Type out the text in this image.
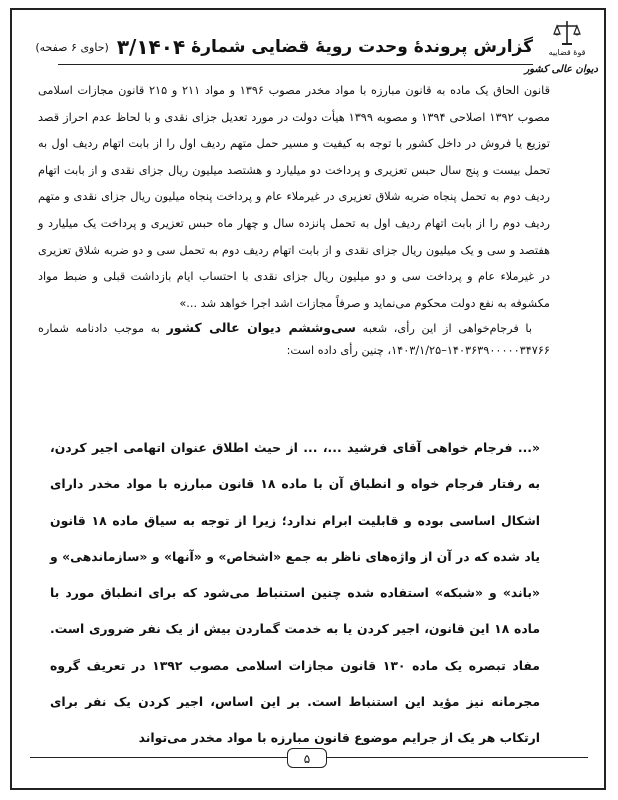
گزارش پروندهٔ وحدت رویهٔ قضایی شمارهٔ
۳/۱۴۰۴
(حاوی ۶ صفحه)	قوهٔ قضاییه
دیوان عالی کشور

قانون الحاق یک ماده به قانون مبارزه با مواد مخدر مصوب ۱۳۹۶ و مواد ۲۱۱ و ۲۱۵ قانون مجازات اسلامی مصوب ۱۳۹۲ اصلاحی ۱۳۹۴ و مصوبه ۱۳۹۹ هیأت دولت در مورد تعدیل جزای نقدی و با لحاظ عدم احراز قصد توزیع یا فروش در داخل کشور با توجه به کیفیت و مسیر حمل متهم ردیف اول را از بابت اتهام ردیف اول به تحمل بیست و پنج سال حبس تعزیری و پرداخت دو میلیارد و هشتصد میلیون ریال جزای نقدی و از بابت اتهام ردیف دوم به تحمل پنجاه ضربه شلاق تعزیری در غیرملاء عام و پرداخت پنجاه میلیون ریال جزای نقدی و متهم ردیف دوم را از بابت اتهام ردیف اول به تحمل پانزده سال و چهار ماه حبس تعزیری و پرداخت یک میلیارد و هفتصد و سی و یک میلیون ریال جزای نقدی و از بابت اتهام ردیف دوم به تحمل سی و دو ضربه شلاق تعزیری در غیرملاء عام و پرداخت سی و دو میلیون ریال جزای نقدی با احتساب ایام بازداشت قبلی و ضبط مواد مکشوفه به نفع دولت محکوم می‌نماید و صرفاً مجازات اشد اجرا خواهد شد ...»

با فرجام‌خواهی از این رأی، شعبه سی‌وششم دیوان عالی کشور به موجب دادنامه شماره ۱۴۰۳۶۳۹۰۰۰۰۰۳۴۷۶۶–۱۴۰۳/۱/۲۵، چنین رأی داده است:

«... فرجام خواهی آقای فرشید ...، ... از حیث اطلاق عنوان اتهامی اجیر کردن، به رفتار فرجام خواه و انطباق آن با ماده ۱۸ قانون مبارزه با مواد مخدر دارای اشکال اساسی بوده و قابلیت ابرام ندارد؛ زیرا از توجه به سیاق ماده ۱۸ قانون یاد شده که در آن از واژه‌های ناظر به جمع «اشخاص» و «آنها» و «سازماندهی» و «باند» و «شبکه» استفاده شده چنین استنباط می‌شود که برای انطباق مورد با ماده ۱۸ این قانون، اجیر کردن یا به خدمت گماردن بیش از یک نفر ضروری است. مفاد تبصره یک ماده ۱۳۰ قانون مجازات اسلامی مصوب ۱۳۹۲ در تعریف گروه مجرمانه نیز مؤید این استنباط است. بر این اساس، اجیر کردن یک نفر برای ارتکاب هر یک از جرایم موضوع قانون مبارزه با مواد مخدر می‌تواند

۵
